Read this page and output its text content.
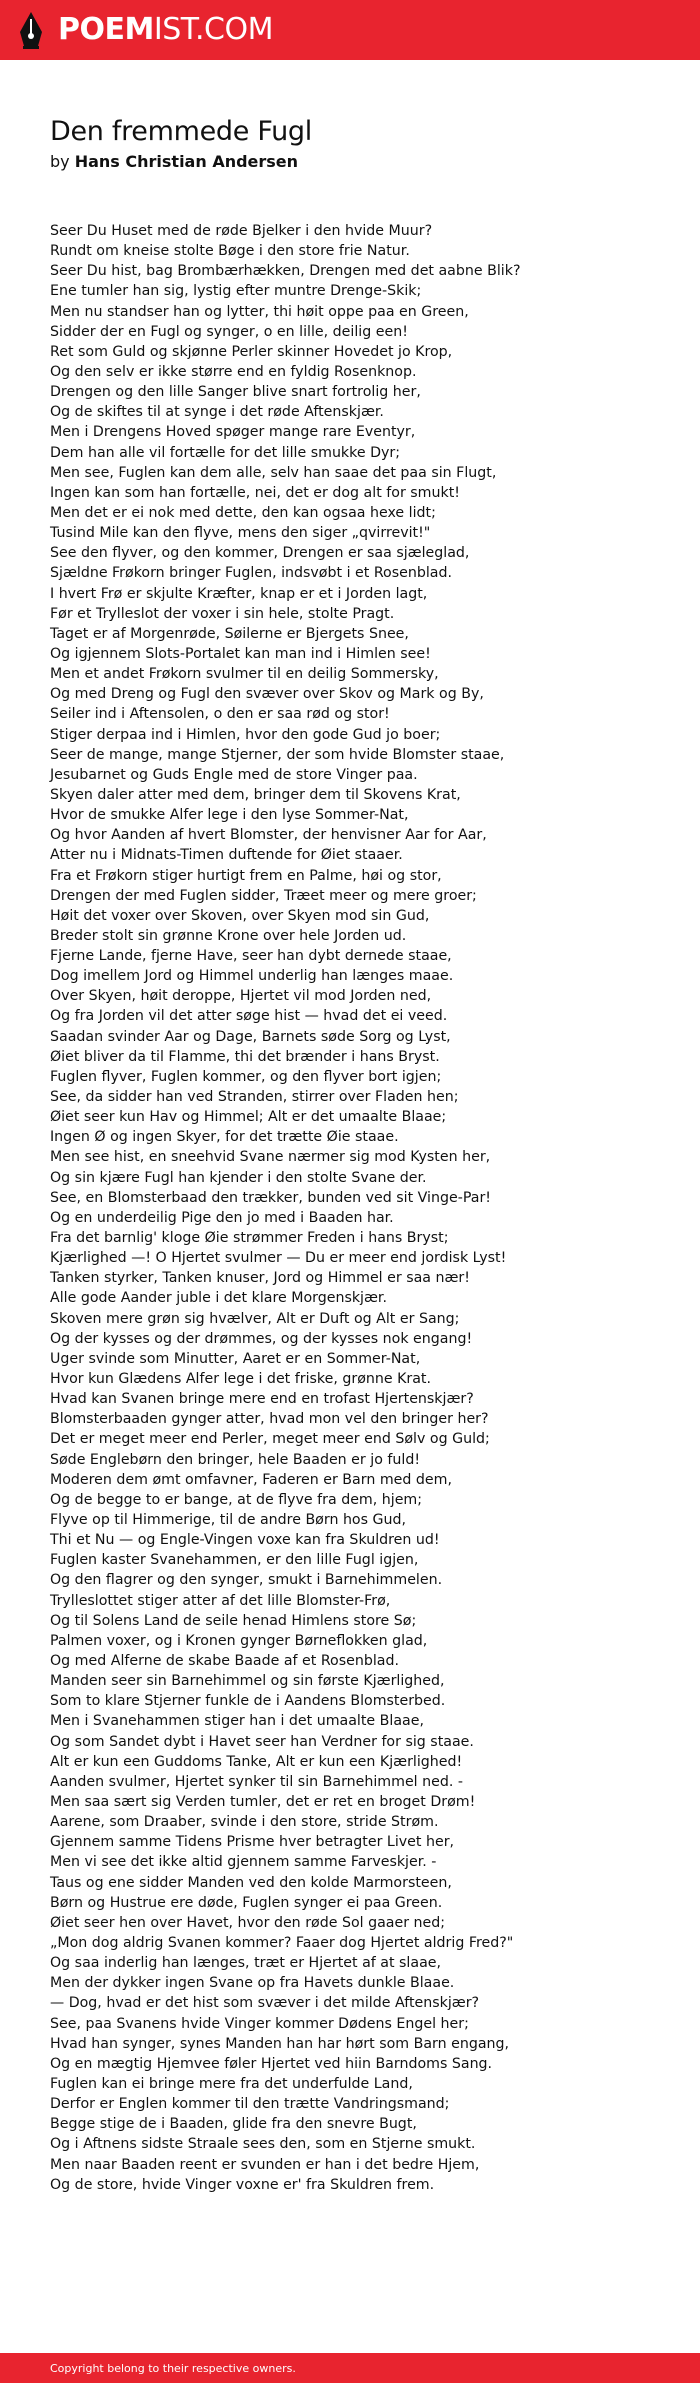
POEMIST.COM
Den fremmede Fugl
by Hans Christian Andersen
Seer Du Huset med de røde Bjelker i den hvide Muur?
Rundt om kneise stolte Bøge i den store frie Natur.
Seer Du hist, bag Brombærhækken, Drengen med det aabne Blik?
Ene tumler han sig, lystig efter muntre Drenge-Skik;
Men nu standser han og lytter, thi høit oppe paa en Green,
Sidder der en Fugl og synger, o en lille, deilig een!
Ret som Guld og skjønne Perler skinner Hovedet jo Krop,
Og den selv er ikke større end en fyldig Rosenknop.
Drengen og den lille Sanger blive snart fortrolig her,
Og de skiftes til at synge i det røde Aftenskjær.
Men i Drengens Hoved spøger mange rare Eventyr,
Dem han alle vil fortælle for det lille smukke Dyr;
Men see, Fuglen kan dem alle, selv han saae det paa sin Flugt,
Ingen kan som han fortælle, nei, det er dog alt for smukt!
Men det er ei nok med dette, den kan ogsaa hexe lidt;
Tusind Mile kan den flyve, mens den siger „qvirrevit!"
See den flyver, og den kommer, Drengen er saa sjæleglad,
Sjældne Frøkorn bringer Fuglen, indsvøbt i et Rosenblad.
I hvert Frø er skjulte Kræfter, knap er et i Jorden lagt,
Før et Trylleslot der voxer i sin hele, stolte Pragt.
Taget er af Morgenrøde, Søilerne er Bjergets Snee,
Og igjennem Slots-Portalet kan man ind i Himlen see!
Men et andet Frøkorn svulmer til en deilig Sommersky,
Og med Dreng og Fugl den svæver over Skov og Mark og By,
Seiler ind i Aftensolen, o den er saa rød og stor!
Stiger derpaa ind i Himlen, hvor den gode Gud jo boer;
Seer de mange, mange Stjerner, der som hvide Blomster staae,
Jesubarnet og Guds Engle med de store Vinger paa.
Skyen daler atter med dem, bringer dem til Skovens Krat,
Hvor de smukke Alfer lege i den lyse Sommer-Nat,
Og hvor Aanden af hvert Blomster, der henvisner Aar for Aar,
Atter nu i Midnats-Timen duftende for Øiet staaer.
Fra et Frøkorn stiger hurtigt frem en Palme, høi og stor,
Drengen der med Fuglen sidder, Træet meer og mere groer;
Høit det voxer over Skoven, over Skyen mod sin Gud,
Breder stolt sin grønne Krone over hele Jorden ud.
Fjerne Lande, fjerne Have, seer han dybt dernede staae,
Dog imellem Jord og Himmel underlig han længes maae.
Over Skyen, høit deroppe, Hjertet vil mod Jorden ned,
Og fra Jorden vil det atter søge hist — hvad det ei veed.
Saadan svinder Aar og Dage, Barnets søde Sorg og Lyst,
Øiet bliver da til Flamme, thi det brænder i hans Bryst.
Fuglen flyver, Fuglen kommer, og den flyver bort igjen;
See, da sidder han ved Stranden, stirrer over Fladen hen;
Øiet seer kun Hav og Himmel; Alt er det umaalte Blaae;
Ingen Ø og ingen Skyer, for det trætte Øie staae.
Men see hist, en sneehvid Svane nærmer sig mod Kysten her,
Og sin kjære Fugl han kjender i den stolte Svane der.
See, en Blomsterbaad den trækker, bunden ved sit Vinge-Par!
Og en underdeilig Pige den jo med i Baaden har.
Fra det barnlig' kloge Øie strømmer Freden i hans Bryst;
Kjærlighed —! O Hjertet svulmer — Du er meer end jordisk Lyst!
Tanken styrker, Tanken knuser, Jord og Himmel er saa nær!
Alle gode Aander juble i det klare Morgenskjær.
Skoven mere grøn sig hvælver, Alt er Duft og Alt er Sang;
Og der kysses og der drømmes, og der kysses nok engang!
Uger svinde som Minutter, Aaret er en Sommer-Nat,
Hvor kun Glædens Alfer lege i det friske, grønne Krat.
Hvad kan Svanen bringe mere end en trofast Hjertenskjær?
Blomsterbaaden gynger atter, hvad mon vel den bringer her?
Det er meget meer end Perler, meget meer end Sølv og Guld;
Søde Englebørn den bringer, hele Baaden er jo fuld!
Moderen dem ømt omfavner, Faderen er Barn med dem,
Og de begge to er bange, at de flyve fra dem, hjem;
Flyve op til Himmerige, til de andre Børn hos Gud,
Thi et Nu — og Engle-Vingen voxe kan fra Skuldren ud!
Fuglen kaster Svanehammen, er den lille Fugl igjen,
Og den flagrer og den synger, smukt i Barnehimmelen.
Trylleslottet stiger atter af det lille Blomster-Frø,
Og til Solens Land de seile henad Himlens store Sø;
Palmen voxer, og i Kronen gynger Børneflokken glad,
Og med Alferne de skabe Baade af et Rosenblad.
Manden seer sin Barnehimmel og sin første Kjærlighed,
Som to klare Stjerner funkle de i Aandens Blomsterbed.
Men i Svanehammen stiger han i det umaalte Blaae,
Og som Sandet dybt i Havet seer han Verdner for sig staae.
Alt er kun een Guddoms Tanke, Alt er kun een Kjærlighed!
Aanden svulmer, Hjertet synker til sin Barnehimmel ned. -
Men saa sært sig Verden tumler, det er ret en broget Drøm!
Aarene, som Draaber, svinde i den store, stride Strøm.
Gjennem samme Tidens Prisme hver betragter Livet her,
Men vi see det ikke altid gjennem samme Farveskjer. -
Taus og ene sidder Manden ved den kolde Marmorsteen,
Børn og Hustrue ere døde, Fuglen synger ei paa Green.
Øiet seer hen over Havet, hvor den røde Sol gaaer ned;
„Mon dog aldrig Svanen kommer? Faaer dog Hjertet aldrig Fred?"
Og saa inderlig han længes, træt er Hjertet af at slaae,
Men der dykker ingen Svane op fra Havets dunkle Blaae.
— Dog, hvad er det hist som svæver i det milde Aftenskjær?
See, paa Svanens hvide Vinger kommer Dødens Engel her;
Hvad han synger, synes Manden han har hørt som Barn engang,
Og en mægtig Hjemvee føler Hjertet ved hiin Barndoms Sang.
Fuglen kan ei bringe mere fra det underfulde Land,
Derfor er Englen kommer til den trætte Vandringsmand;
Begge stige de i Baaden, glide fra den snevre Bugt,
Og i Aftnens sidste Straale sees den, som en Stjerne smukt.
Men naar Baaden reent er svunden er han i det bedre Hjem,
Og de store, hvide Vinger voxne er' fra Skuldren frem.
Copyright belong to their respective owners.
